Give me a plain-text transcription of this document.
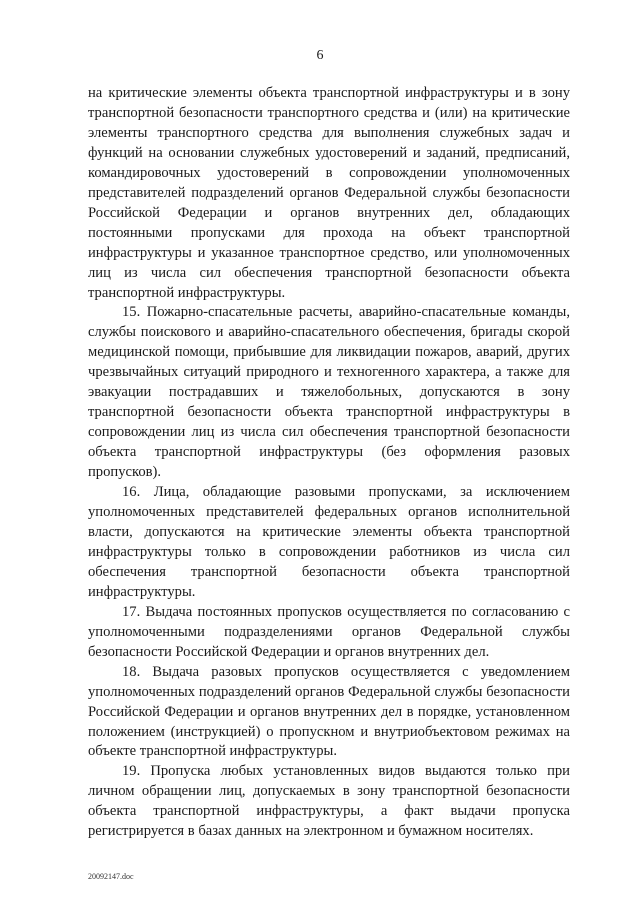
6

на критические элементы объекта транспортной инфраструктуры и в зону транспортной безопасности транспортного средства и (или) на критические элементы транспортного средства для выполнения служебных задач и функций на основании служебных удостоверений и заданий, предписаний, командировочных удостоверений в сопровождении уполномоченных представителей подразделений органов Федеральной службы безопасности Российской Федерации и органов внутренних дел, обладающих постоянными пропусками для прохода на объект транспортной инфраструктуры и указанное транспортное средство, или уполномоченных лиц из числа сил обеспечения транспортной безопасности объекта транспортной инфраструктуры.

15. Пожарно-спасательные расчеты, аварийно-спасательные команды, службы поискового и аварийно-спасательного обеспечения, бригады скорой медицинской помощи, прибывшие для ликвидации пожаров, аварий, других чрезвычайных ситуаций природного и техногенного характера, а также для эвакуации пострадавших и тяжелобольных, допускаются в зону транспортной безопасности объекта транспортной инфраструктуры в сопровождении лиц из числа сил обеспечения транспортной безопасности объекта транспортной инфраструктуры (без оформления разовых пропусков).

16. Лица, обладающие разовыми пропусками, за исключением уполномоченных представителей федеральных органов исполнительной власти, допускаются на критические элементы объекта транспортной инфраструктуры только в сопровождении работников из числа сил обеспечения транспортной безопасности объекта транспортной инфраструктуры.

17. Выдача постоянных пропусков осуществляется по согласованию с уполномоченными подразделениями органов Федеральной службы безопасности Российской Федерации и органов внутренних дел.

18. Выдача разовых пропусков осуществляется с уведомлением уполномоченных подразделений органов Федеральной службы безопасности Российской Федерации и органов внутренних дел в порядке, установленном положением (инструкцией) о пропускном и внутриобъектовом режимах на объекте транспортной инфраструктуры.

19. Пропуска любых установленных видов выдаются только при личном обращении лиц, допускаемых в зону транспортной безопасности объекта транспортной инфраструктуры, а факт выдачи пропуска регистрируется в базах данных на электронном и бумажном носителях.

20092147.doc
